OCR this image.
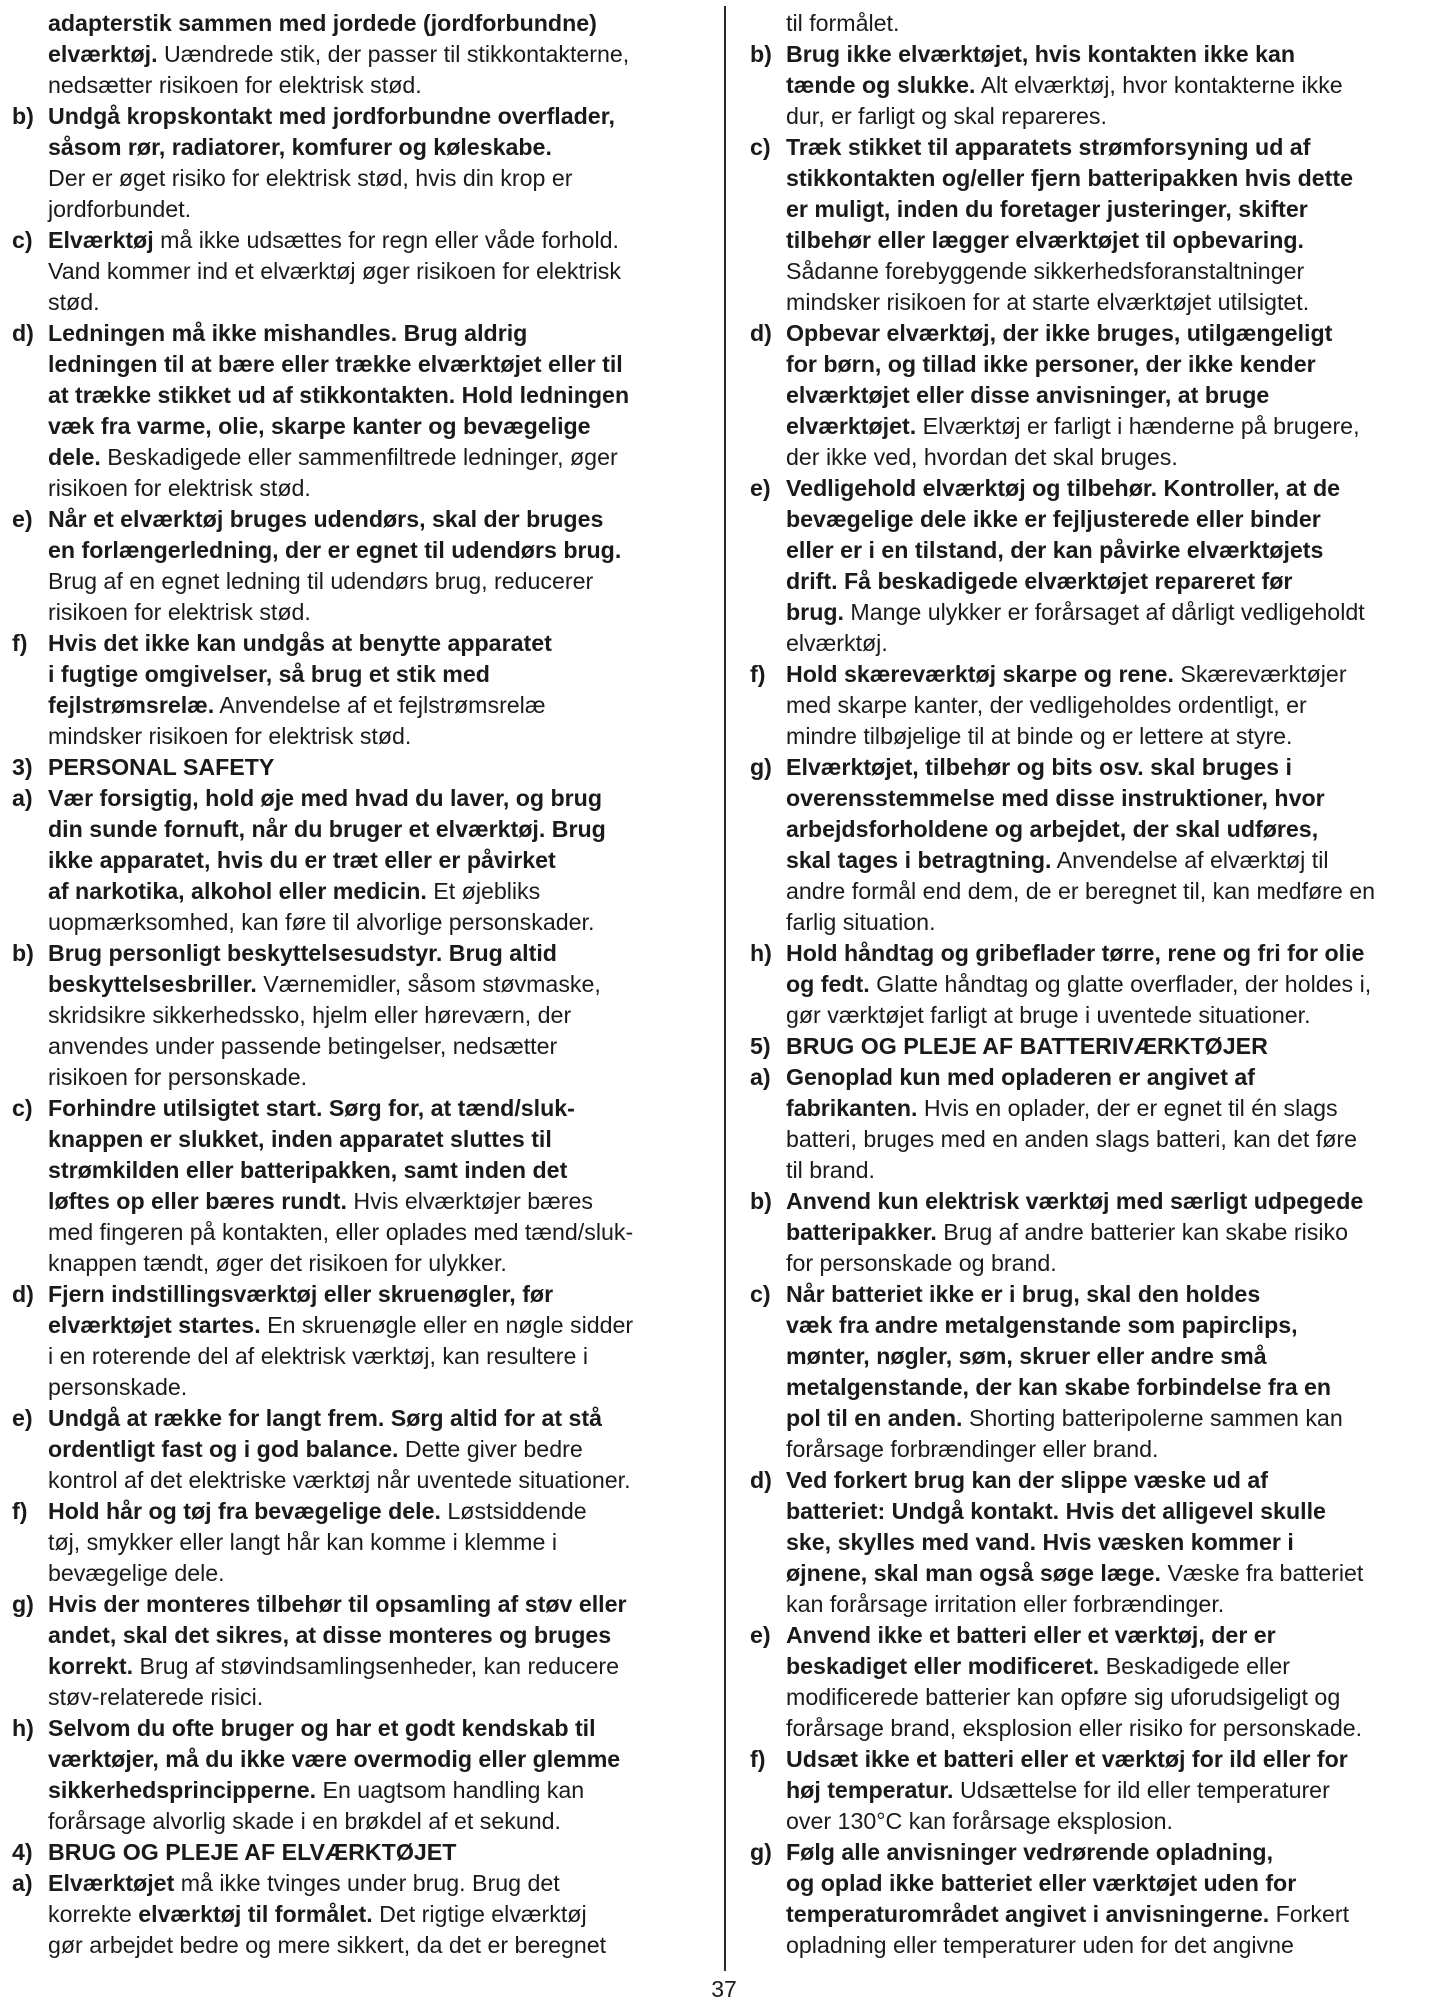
adapterstik sammen med jordede (jordforbundne)
elværktøj. Uændrede stik, der passer til stikkontakterne,
nedsætter risikoen for elektrisk stød.
b) Undgå kropskontakt med jordforbundne overflader,
såsom rør, radiatorer, komfurer og køleskabe.
Der er øget risiko for elektrisk stød, hvis din krop er
jordforbundet.
c) Elværktøj må ikke udsættes for regn eller våde forhold.
Vand kommer ind et elværktøj øger risikoen for elektrisk
stød.
d) Ledningen må ikke mishandles. Brug aldrig
ledningen til at bære eller trække elværktøjet eller til
at trække stikket ud af stikkontakten. Hold ledningen
væk fra varme, olie, skarpe kanter og bevægelige
dele. Beskadigede eller sammenfiltrede ledninger, øger
risikoen for elektrisk stød.
e) Når et elværktøj bruges udendørs, skal der bruges
en forlængerledning, der er egnet til udendørs brug.
Brug af en egnet ledning til udendørs brug, reducerer
risikoen for elektrisk stød.
f) Hvis det ikke kan undgås at benytte apparatet
i fugtige omgivelser, så brug et stik med
fejlstrømsrelæ. Anvendelse af et fejlstrømsrelæ
mindsker risikoen for elektrisk stød.
3) PERSONAL SAFETY
a) Vær forsigtig, hold øje med hvad du laver, og brug
din sunde fornuft, når du bruger et elværktøj. Brug
ikke apparatet, hvis du er træt eller er påvirket
af narkotika, alkohol eller medicin. Et øjebliks
uopmærksomhed, kan føre til alvorlige personskader.
b) Brug personligt beskyttelsesudstyr. Brug altid
beskyttelsesbriller. Værnemidler, såsom støvmaske,
skridsikre sikkerhedssko, hjelm eller høreværn, der
anvendes under passende betingelser, nedsætter
risikoen for personskade.
c) Forhindre utilsigtet start. Sørg for, at tænd/sluk-
knappen er slukket, inden apparatet sluttes til
strømkilden eller batteripakken, samt inden det
løftes op eller bæres rundt. Hvis elværktøjer bæres
med fingeren på kontakten, eller oplades med tænd/sluk-
knappen tændt, øger det risikoen for ulykker.
d) Fjern indstillingsværktøj eller skruenøgler, før
elværktøjet startes. En skruenøgle eller en nøgle sidder
i en roterende del af elektrisk værktøj, kan resultere i
personskade.
e) Undgå at række for langt frem. Sørg altid for at stå
ordentligt fast og i god balance. Dette giver bedre
kontrol af det elektriske værktøj når uventede situationer.
f) Hold hår og tøj fra bevægelige dele. Løstsiddende
tøj, smykker eller langt hår kan komme i klemme i
bevægelige dele.
g) Hvis der monteres tilbehør til opsamling af støv eller
andet, skal det sikres, at disse monteres og bruges
korrekt. Brug af støvindsamlingsenheder, kan reducere
støv-relaterede risici.
h) Selvom du ofte bruger og har et godt kendskab til
værktøjer, må du ikke være overmodig eller glemme
sikkerhedsprincipperne. En uagtsom handling kan
forårsage alvorlig skade i en brøkdel af et sekund.
4) BRUG OG PLEJE AF ELVÆRKTØJET
a) Elværktøjet må ikke tvinges under brug. Brug det
korrekte elværktøj til formålet. Det rigtige elværktøj
gør arbejdet bedre og mere sikkert, da det er beregnet
til formålet.
b) Brug ikke elværktøjet, hvis kontakten ikke kan
tænde og slukke. Alt elværktøj, hvor kontakterne ikke
dur, er farligt og skal repareres.
c) Træk stikket til apparatets strømforsyning ud af
stikkontakten og/eller fjern batteripakken hvis dette
er muligt, inden du foretager justeringer, skifter
tilbehør eller lægger elværktøjet til opbevaring.
Sådanne forebyggende sikkerhedsforanstaltninger
mindsker risikoen for at starte elværktøjet utilsigtet.
d) Opbevar elværktøj, der ikke bruges, utilgængeligt
for børn, og tillad ikke personer, der ikke kender
elværktøjet eller disse anvisninger, at bruge
elværktøjet. Elværktøj er farligt i hænderne på brugere,
der ikke ved, hvordan det skal bruges.
e) Vedligehold elværktøj og tilbehør. Kontroller, at de
bevægelige dele ikke er fejljusterede eller binder
eller er i en tilstand, der kan påvirke elværktøjets
drift. Få beskadigede elværktøjet repareret før
brug. Mange ulykker er forårsaget af dårligt vedligeholdt
elværktøj.
f) Hold skæreværktøj skarpe og rene. Skæreværktøjer
med skarpe kanter, der vedligeholdes ordentligt, er
mindre tilbøjelige til at binde og er lettere at styre.
g) Elværktøjet, tilbehør og bits osv. skal bruges i
overensstemmelse med disse instruktioner, hvor
arbejdsforholdene og arbejdet, der skal udføres,
skal tages i betragtning. Anvendelse af elværktøj til
andre formål end dem, de er beregnet til, kan medføre en
farlig situation.
h) Hold håndtag og gribeflader tørre, rene og fri for olie
og fedt. Glatte håndtag og glatte overflader, der holdes i,
gør værktøjet farligt at bruge i uventede situationer.
5) BRUG OG PLEJE AF BATTERIVÆRKTØJER
a) Genoplad kun med opladeren er angivet af
fabrikanten. Hvis en oplader, der er egnet til én slags
batteri, bruges med en anden slags batteri, kan det føre
til brand.
b) Anvend kun elektrisk værktøj med særligt udpegede
batteripakker. Brug af andre batterier kan skabe risiko
for personskade og brand.
c) Når batteriet ikke er i brug, skal den holdes
væk fra andre metalgenstande som papirclips,
mønter, nøgler, søm, skruer eller andre små
metalgenstande, der kan skabe forbindelse fra en
pol til en anden. Shorting batteripolerne sammen kan
forårsage forbrændinger eller brand.
d) Ved forkert brug kan der slippe væske ud af
batteriet: Undgå kontakt. Hvis det alligevel skulle
ske, skylles med vand. Hvis væsken kommer i
øjnene, skal man også søge læge. Væske fra batteriet
kan forårsage irritation eller forbrændinger.
e) Anvend ikke et batteri eller et værktøj, der er
beskadiget eller modificeret. Beskadigede eller
modificerede batterier kan opføre sig uforudsigeligt og
forårsage brand, eksplosion eller risiko for personskade.
f) Udsæt ikke et batteri eller et værktøj for ild eller for
høj temperatur. Udsættelse for ild eller temperaturer
over 130°C kan forårsage eksplosion.
g) Følg alle anvisninger vedrørende opladning,
og oplad ikke batteriet eller værktøjet uden for
temperaturområdet angivet i anvisningerne. Forkert
opladning eller temperaturer uden for det angivne
37
